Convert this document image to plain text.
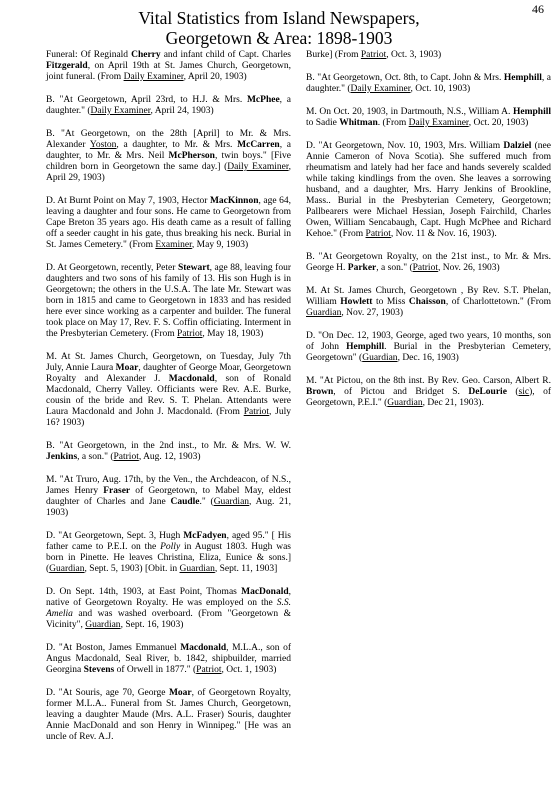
46
Vital Statistics from Island Newspapers,
Georgetown & Area: 1898-1903

Funeral: Of Reginald Cherry and infant child of Capt. Charles Fitzgerald, on April 19th at St. James Church, Georgetown, joint funeral. (From Daily Examiner, April 20, 1903)

B. "At Georgetown, April 23rd, to H.J. & Mrs. McPhee, a daughter." (Daily Examiner, April 24, 1903)

B. "At Georgetown, on the 28th [April] to Mr. & Mrs. Alexander Yoston, a daughter, to Mr. & Mrs. McCarren, a daughter, to Mr. & Mrs. Neil McPherson, twin boys." [Five children born in Georgetown the same day.] (Daily Examiner, April 29, 1903)

D. At Burnt Point on May 7, 1903, Hector MacKinnon, age 64, leaving a daughter and four sons. He came to Georgetown from Cape Breton 35 years ago. His death came as a result of falling off a seeder caught in his gate, thus breaking his neck. Burial in St. James Cemetery." (From Examiner, May 9, 1903)

D. At Georgetown, recently, Peter Stewart, age 88, leaving four daughters and two sons of his family of 13. His son Hugh is in Georgetown; the others in the U.S.A. The late Mr. Stewart was born in 1815 and came to Georgetown in 1833 and has resided here ever since working as a carpenter and builder. The funeral took place on May 17, Rev. F. S. Coffin officiating. Interment in the Presbyterian Cemetery. (From Patriot, May 18, 1903)

M. At St. James Church, Georgetown, on Tuesday, July 7th July, Annie Laura Moar, daughter of George Moar, Georgetown Royalty and Alexander J. Macdonald, son of Ronald Macdonald, Cherry Valley. Officiants were Rev. A.E. Burke, cousin of the bride and Rev. S. T. Phelan. Attendants were Laura Macdonald and John J. Macdonald. (From Patriot, July 16? 1903)

B. "At Georgetown, in the 2nd inst., to Mr. & Mrs. W. W. Jenkins, a son." (Patriot, Aug. 12, 1903)

M. "At Truro, Aug. 17th, by the Ven., the Archdeacon, of N.S., James Henry Fraser of Georgetown, to Mabel May, eldest daughter of Charles and Jane Caudle." (Guardian, Aug. 21, 1903)

D. "At Georgetown, Sept. 3, Hugh McFadyen, aged 95." [ His father came to P.E.I. on the Polly in August 1803. Hugh was born in Pinette. He leaves Christina, Eliza, Eunice & sons.] (Guardian, Sept. 5, 1903) [Obit. in Guardian, Sept. 11, 1903]

D. On Sept. 14th, 1903, at East Point, Thomas MacDonald, native of Georgetown Royalty. He was employed on the S.S. Amelia and was washed overboard. (From "Georgetown & Vicinity", Guardian, Sept. 16, 1903)

D. "At Boston, James Emmanuel Macdonald, M.L.A., son of Angus Macdonald, Seal River, b. 1842, shipbuilder, married Georgina Stevens of Orwell in 1877." (Patriot, Oct. 1, 1903)

D. "At Souris, age 70, George Moar, of Georgetown Royalty, former M.L.A.. Funeral from St. James Church, Georgetown, leaving a daughter Maude (Mrs. A.L. Fraser) Souris, daughter Annie MacDonald and son Henry in Winnipeg." [He was an uncle of Rev. A.J.

Burke] (From Patriot, Oct. 3, 1903)

B. "At Georgetown, Oct. 8th, to Capt. John & Mrs. Hemphill, a daughter." (Daily Examiner, Oct. 10, 1903)

M. On Oct. 20, 1903, in Dartmouth, N.S., William A. Hemphill to Sadie Whitman. (From Daily Examiner, Oct. 20, 1903)

D. "At Georgetown, Nov. 10, 1903, Mrs. William Dalziel (nee Annie Cameron of Nova Scotia). She suffered much from rheumatism and lately had her face and hands severely scalded while taking kindlings from the oven. She leaves a sorrowing husband, and a daughter, Mrs. Harry Jenkins of Brookline, Mass.. Burial in the Presbyterian Cemetery, Georgetown; Pallbearers were Michael Hessian, Joseph Fairchild, Charles Owen, William Sencabaugh, Capt. Hugh McPhee and Richard Kehoe." (From Patriot, Nov. 11 & Nov. 16, 1903).

B. "At Georgetown Royalty, on the 21st inst., to Mr. & Mrs. George H. Parker, a son." (Patriot, Nov. 26, 1903)

M. At St. James Church, Georgetown , By Rev. S.T. Phelan, William Howlett to Miss Chaisson, of Charlottetown." (From Guardian, Nov. 27, 1903)

D. "On Dec. 12, 1903, George, aged two years, 10 months, son of John Hemphill. Burial in the Presbyterian Cemetery, Georgetown" (Guardian, Dec. 16, 1903)

M. "At Pictou, on the 8th inst. By Rev. Geo. Carson, Albert R. Brown, of Pictou and Bridget S. DeLourie (sic), of Georgetown, P.E.I." (Guardian, Dec 21, 1903).
